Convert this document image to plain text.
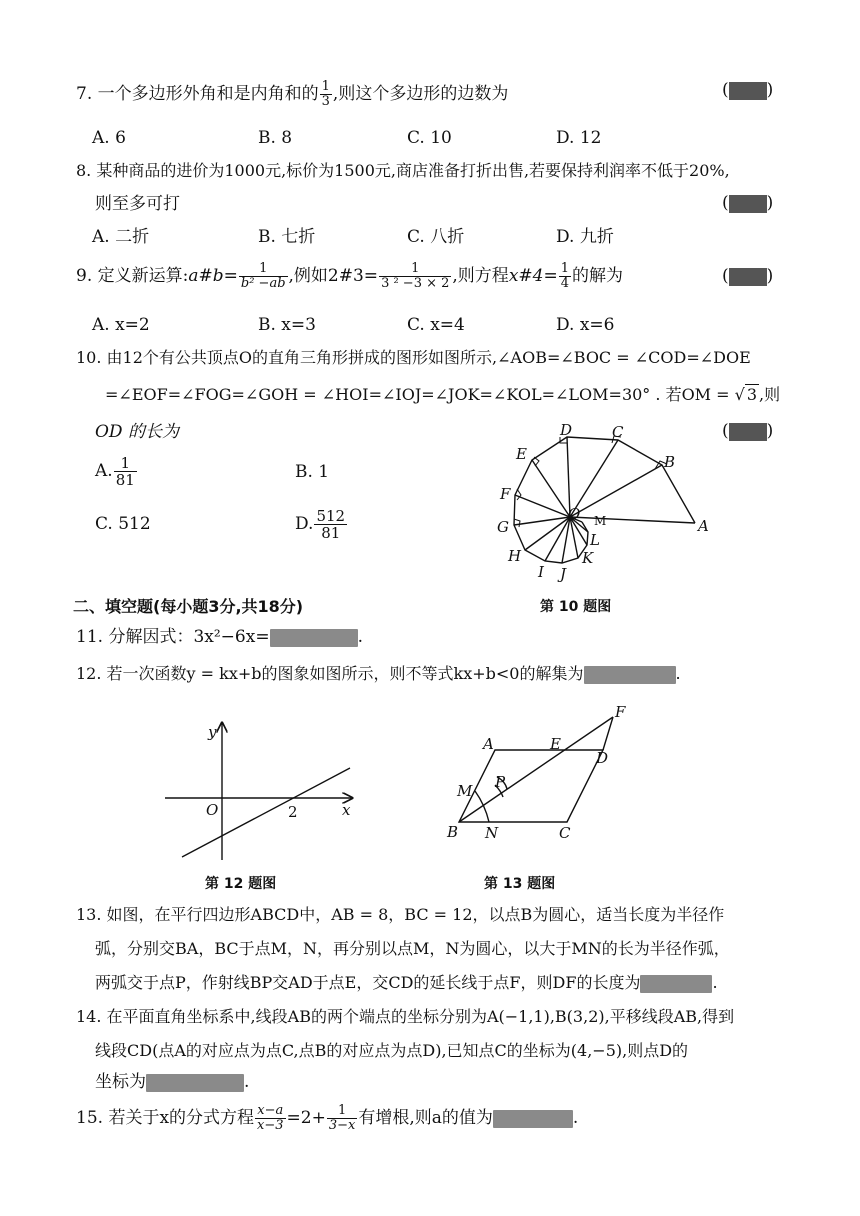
7. 一个多边形外角和是内角和的 $\frac{1}{3}$ ,则这个多边形的边数为	( )
A. 6	B. 8	C. 10	D. 12
8. 某种商品的进价为1000元,标价为1500元,商店准备打折出售,若要保持利润率不低于20%,
则至多可打	( )
A. 二折	B. 七折	C. 八折	D. 九折
9. 定义新运算:a#b= $\frac{1}{\text{b² −ab}}$ ,例如2#3= $\frac{1}{\text{3 ² −3 × 2}}$ ,则方程x#4= $\frac{1}{4}$ 的解为	( )
A. x=2	B. x=3	C. x=4	D. x=6
10. 由12个有公共顶点O的直角三角形拼成的图形如图所示,∠AOB=∠BOC = ∠COD=∠DOE
=∠EOF=∠FOG=∠GOH = ∠HOI=∠IOJ=∠JOK=∠KOL=∠LOM=30° . 若OM = √ 3 ,则
OD 的长为	( )
A. $\frac{1}{81}$	B. 1
C. 512	D. $\frac{512}{81}$
D	C
E	B
F
O M	A
G
L
H	K
I J
二、填空题(每小题3分,共18分)	第 10 题图
11. 分解因式：3x²−6x=	.
12. 若一次函数y = kx+b的图象如图所示，则不等式kx+b<0的解集为	.
y
x
O	2
F
A	E
D
M P
B N	C
第 12 题图	第 13 题图
13. 如图，在平行四边形ABCD中，AB = 8，BC = 12，以点B为圆心，适当长度为半径作
弧，分别交BA，BC于点M，N，再分别以点M，N为圆心，以大于MN的长为半径作弧，
两弧交于点P，作射线BP交AD于点E，交CD的延长线于点F，则DF的长度为	.
14. 在平面直角坐标系中,线段AB的两个端点的坐标分别为A(−1,1),B(3,2),平移线段AB,得到
线段CD(点A的对应点为点C,点B的对应点为点D),已知点C的坐标为(4,−5),则点D的
坐标为	.
15. 若关于x的分式方程 $\frac{x-a}{x-3} =2+ \frac{1}{3-x}$ 有增根,则a的值为	.
